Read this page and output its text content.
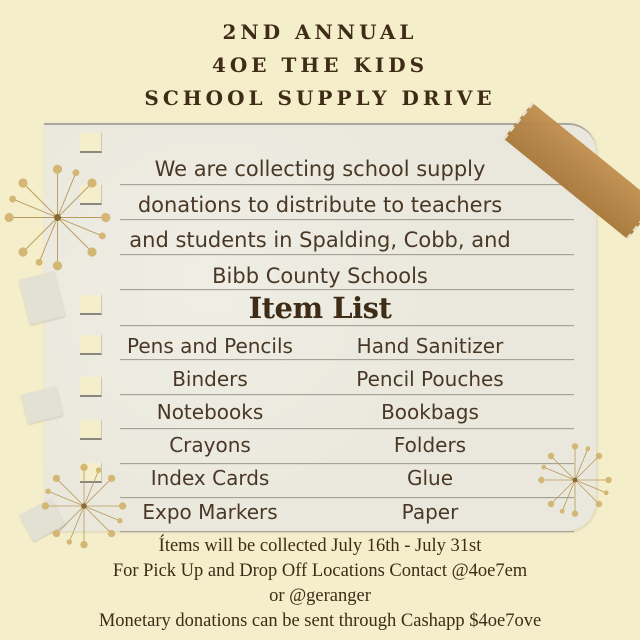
2ND ANNUAL
4OE THE KIDS
SCHOOL SUPPLY DRIVE
We are collecting school supply
donations to distribute to teachers
and students in Spalding, Cobb, and
Bibb County Schools
Item List
Pens and Pencils	Hand Sanitizer
Binders	Pencil Pouches
Notebooks	Bookbags
Crayons	Folders
Index Cards	Glue
Expo Markers	Paper
Ítems will be collected July 16th - July 31st
For Pick Up and Drop Off Locations Contact @4oe7em
or @geranger
Monetary donations can be sent through Cashapp $4oe7ove
